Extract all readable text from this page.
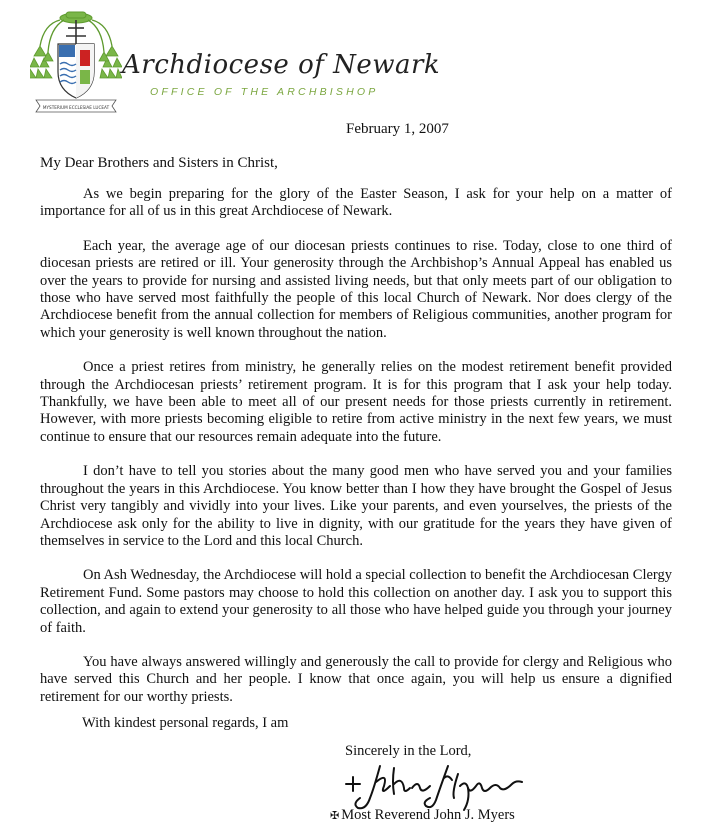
MYSTERIUM ECCLESIAE LUCEAT
Archdiocese of Newark
OFFICE OF THE ARCHBISHOP
February 1, 2007
My Dear Brothers and Sisters in Christ,

As we begin preparing for the glory of the Easter Season, I ask for your help on a matter of importance for all of us in this great Archdiocese of Newark.

Each year, the average age of our diocesan priests continues to rise. Today, close to one third of diocesan priests are retired or ill. Your generosity through the Archbishop’s Annual Appeal has enabled us over the years to provide for nursing and assisted living needs, but that only meets part of our obligation to those who have served most faithfully the people of this local Church of Newark. Nor does clergy of the Archdiocese benefit from the annual collection for members of Religious communities, another program for which your generosity is well known throughout the nation.

Once a priest retires from ministry, he generally relies on the modest retirement benefit provided through the Archdiocesan priests’ retirement program. It is for this program that I ask your help today. Thankfully, we have been able to meet all of our present needs for those priests currently in retirement. However, with more priests becoming eligible to retire from active ministry in the next few years, we must continue to ensure that our resources remain adequate into the future.

I don’t have to tell you stories about the many good men who have served you and your families throughout the years in this Archdiocese. You know better than I how they have brought the Gospel of Jesus Christ very tangibly and vividly into your lives. Like your parents, and even yourselves, the priests of the Archdiocese ask only for the ability to live in dignity, with our gratitude for the years they have given of themselves in service to the Lord and this local Church.

On Ash Wednesday, the Archdiocese will hold a special collection to benefit the Archdiocesan Clergy Retirement Fund. Some pastors may choose to hold this collection on another day. I ask you to support this collection, and again to extend your generosity to all those who have helped guide you through your journey of faith.

You have always answered willingly and generously the call to provide for clergy and Religious who have served this Church and her people. I know that once again, you will help us ensure a dignified retirement for our worthy priests.

With kindest personal regards, I am
Sincerely in the Lord,
✠ Most Reverend John J. Myers
